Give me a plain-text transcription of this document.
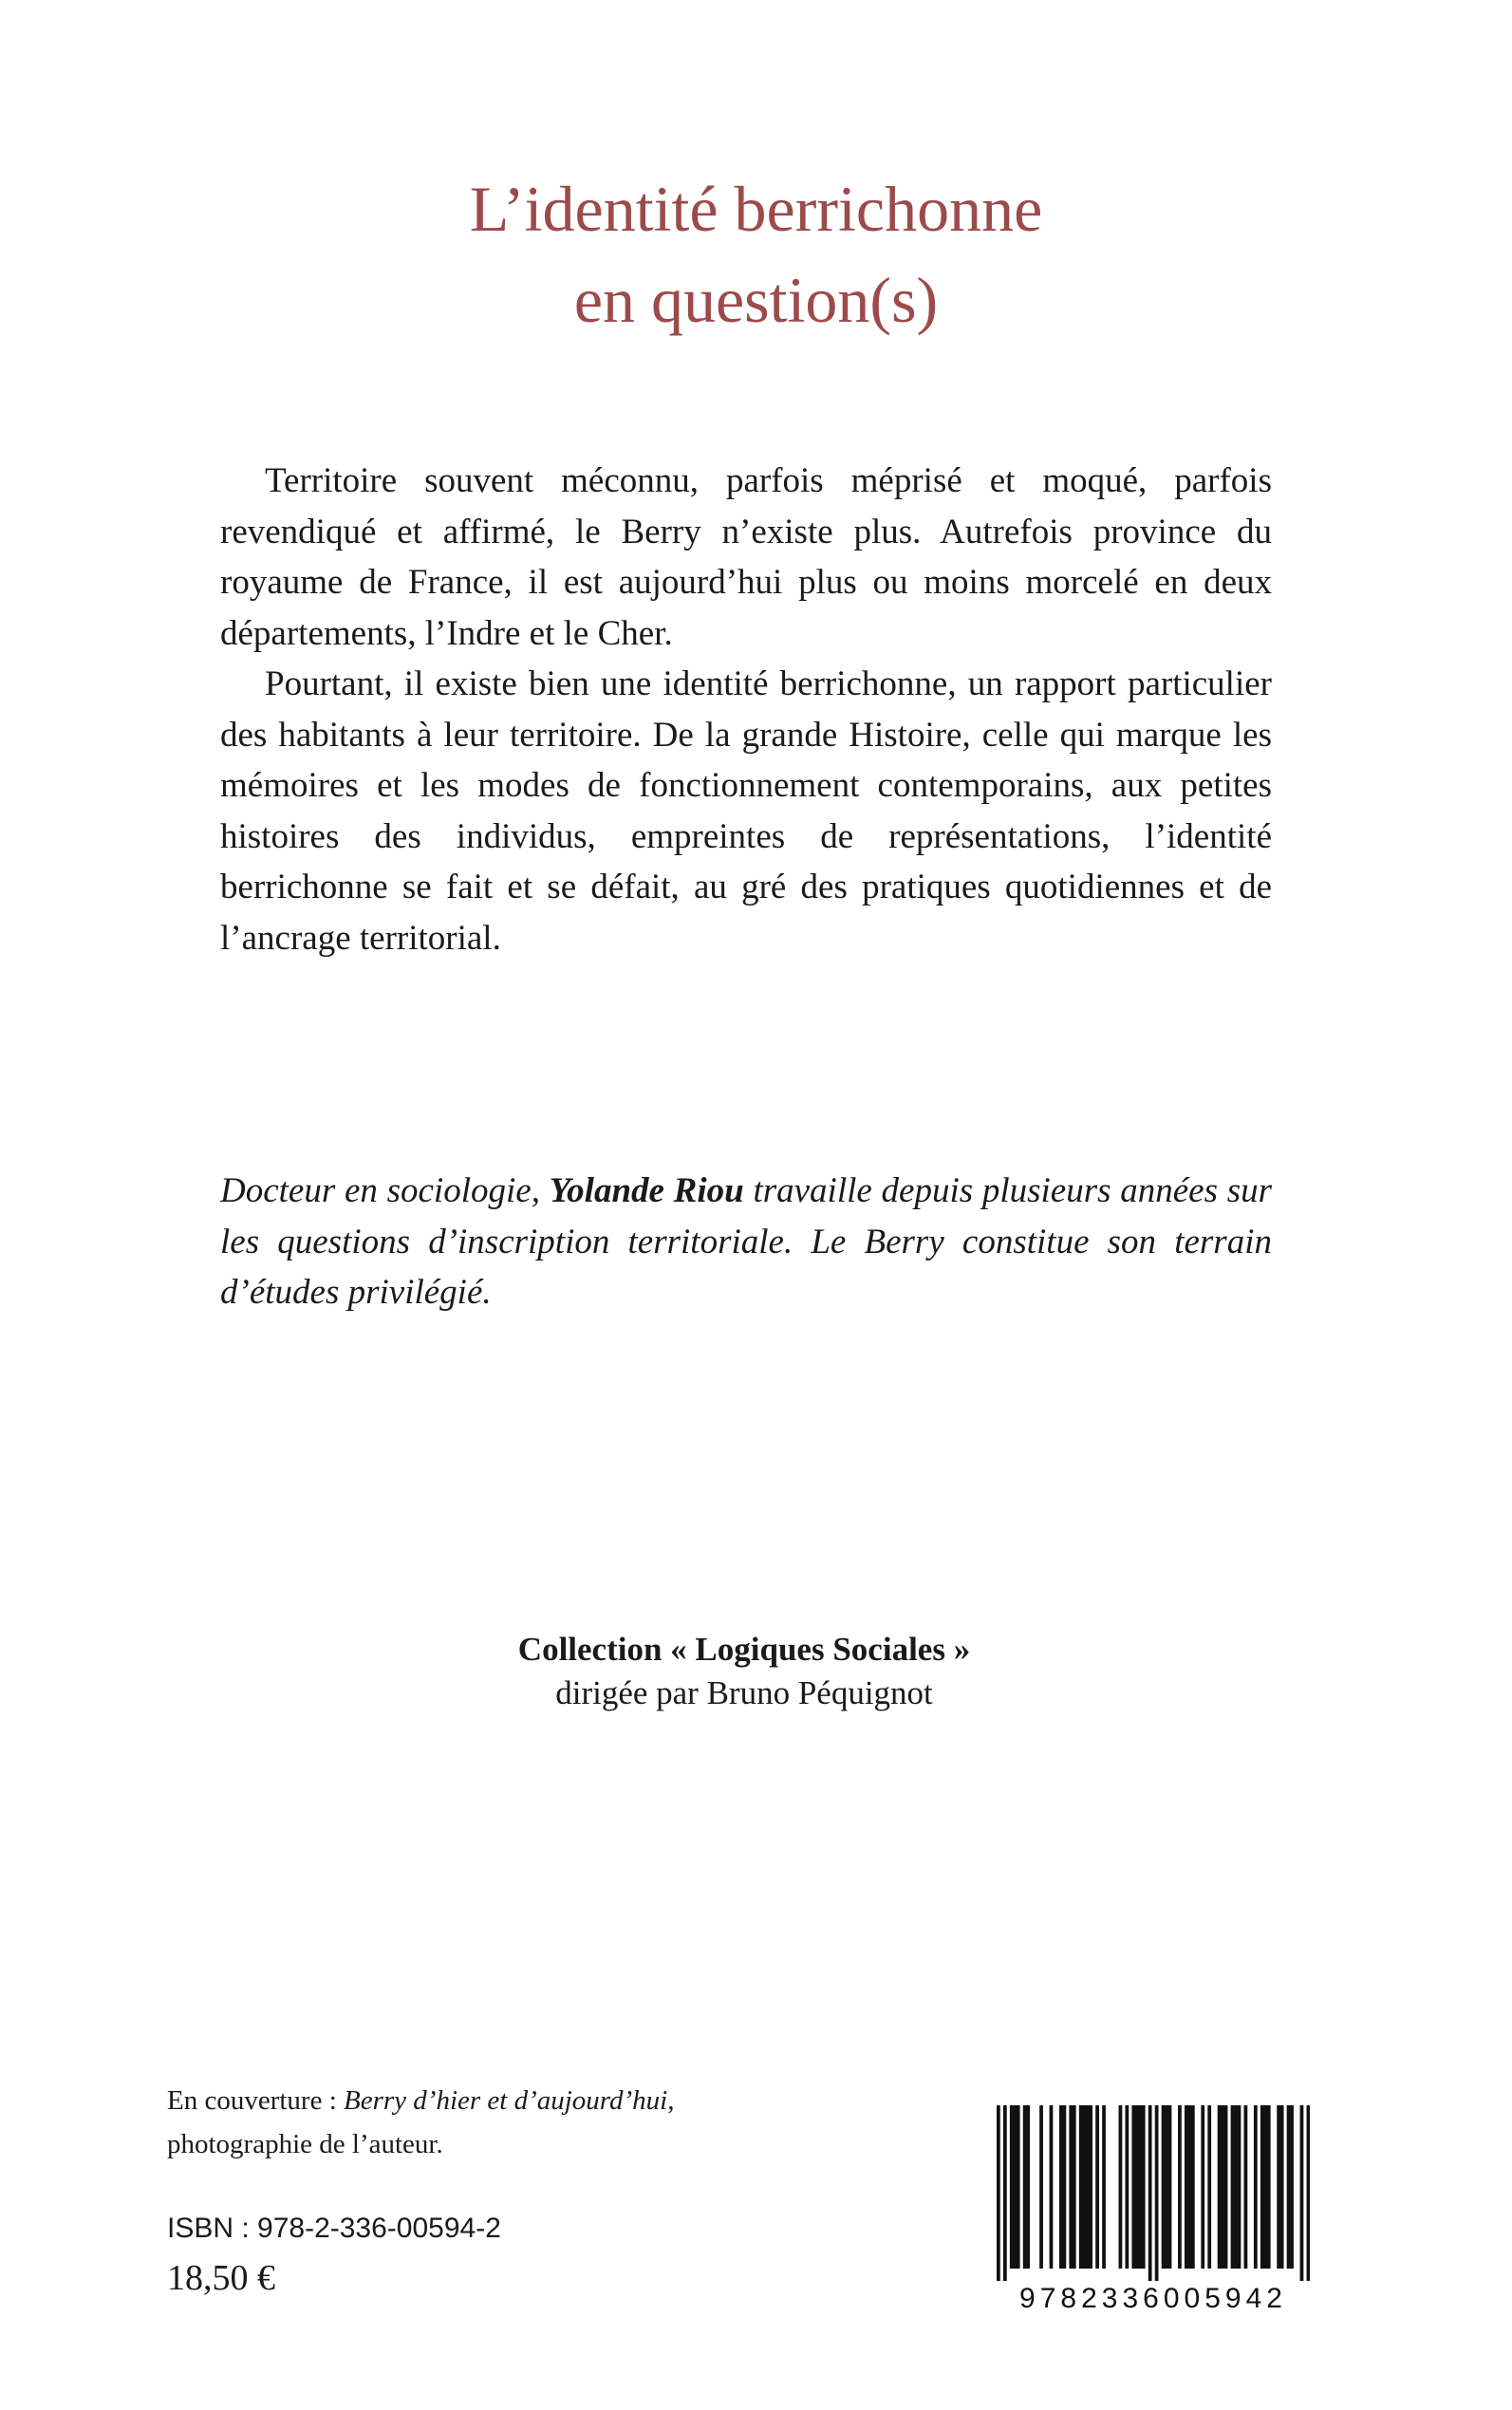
L’identité berrichonne
en question(s)

Territoire souvent méconnu, parfois méprisé et moqué, parfois revendiqué et affirmé, le Berry n’existe plus. Autrefois province du royaume de France, il est aujourd’hui plus ou moins morcelé en deux départements, l’Indre et le Cher.

Pourtant, il existe bien une identité berrichonne, un rapport particulier des habitants à leur territoire. De la grande Histoire, celle qui marque les mémoires et les modes de fonctionnement contemporains, aux petites histoires des individus, empreintes de représentations, l’identité berrichonne se fait et se défait, au gré des pratiques quotidiennes et de l’ancrage territorial.

Docteur en sociologie, Yolande Riou travaille depuis plusieurs années sur les questions d’inscription territoriale. Le Berry constitue son terrain d’études privilégié.

Collection « Logiques Sociales »
dirigée par Bruno Péquignot
En couverture : Berry d’hier et d’aujourd’hui,
photographie de l’auteur.
ISBN : 978-2-336-00594-2
18,50 €
9782336005942
